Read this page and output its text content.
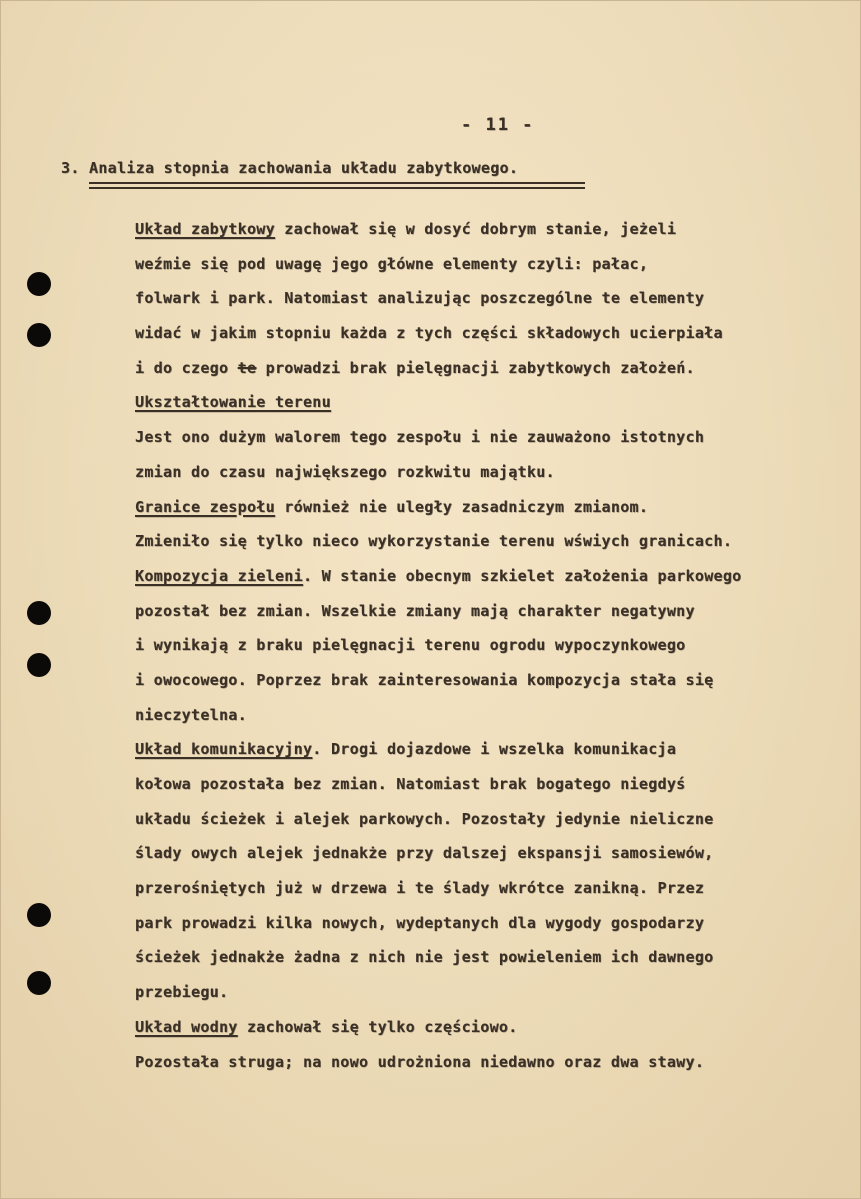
- 11 -
3. Analiza stopnia zachowania układu zabytkowego.
Układ zabytkowy zachował się w dosyć dobrym stanie, jeżeli
weźmie się pod uwagę jego główne elementy czyli: pałac,
folwark i park. Natomiast analizując poszczególne te elementy
widać w jakim stopniu każda z tych części składowych ucierpiała
i do czego te prowadzi brak pielęgnacji zabytkowych założeń.
Ukształtowanie terenu
Jest ono dużym walorem tego zespołu i nie zauważono istotnych
zmian do czasu największego rozkwitu majątku.
Granice zespołu również nie uległy zasadniczym zmianom.
Zmieniło się tylko nieco wykorzystanie terenu wświych granicach.
Kompozycja zieleni. W stanie obecnym szkielet założenia parkowego
pozostał bez zmian. Wszelkie zmiany mają charakter negatywny
i wynikają z braku pielęgnacji terenu ogrodu wypoczynkowego
i owocowego. Poprzez brak zainteresowania kompozycja stała się
nieczytelna.
Układ komunikacyjny. Drogi dojazdowe i wszelka komunikacja
kołowa pozostała bez zmian. Natomiast brak bogatego niegdyś
układu ścieżek i alejek parkowych. Pozostały jedynie nieliczne
ślady owych alejek jednakże przy dalszej ekspansji samosiewów,
przerośniętych już w drzewa i te ślady wkrótce zanikną. Przez
park prowadzi kilka nowych, wydeptanych dla wygody gospodarzy
ścieżek jednakże żadna z nich nie jest powieleniem ich dawnego
przebiegu.
Układ wodny zachował się tylko częściowo.
Pozostała struga; na nowo udrożniona niedawno oraz dwa stawy.
